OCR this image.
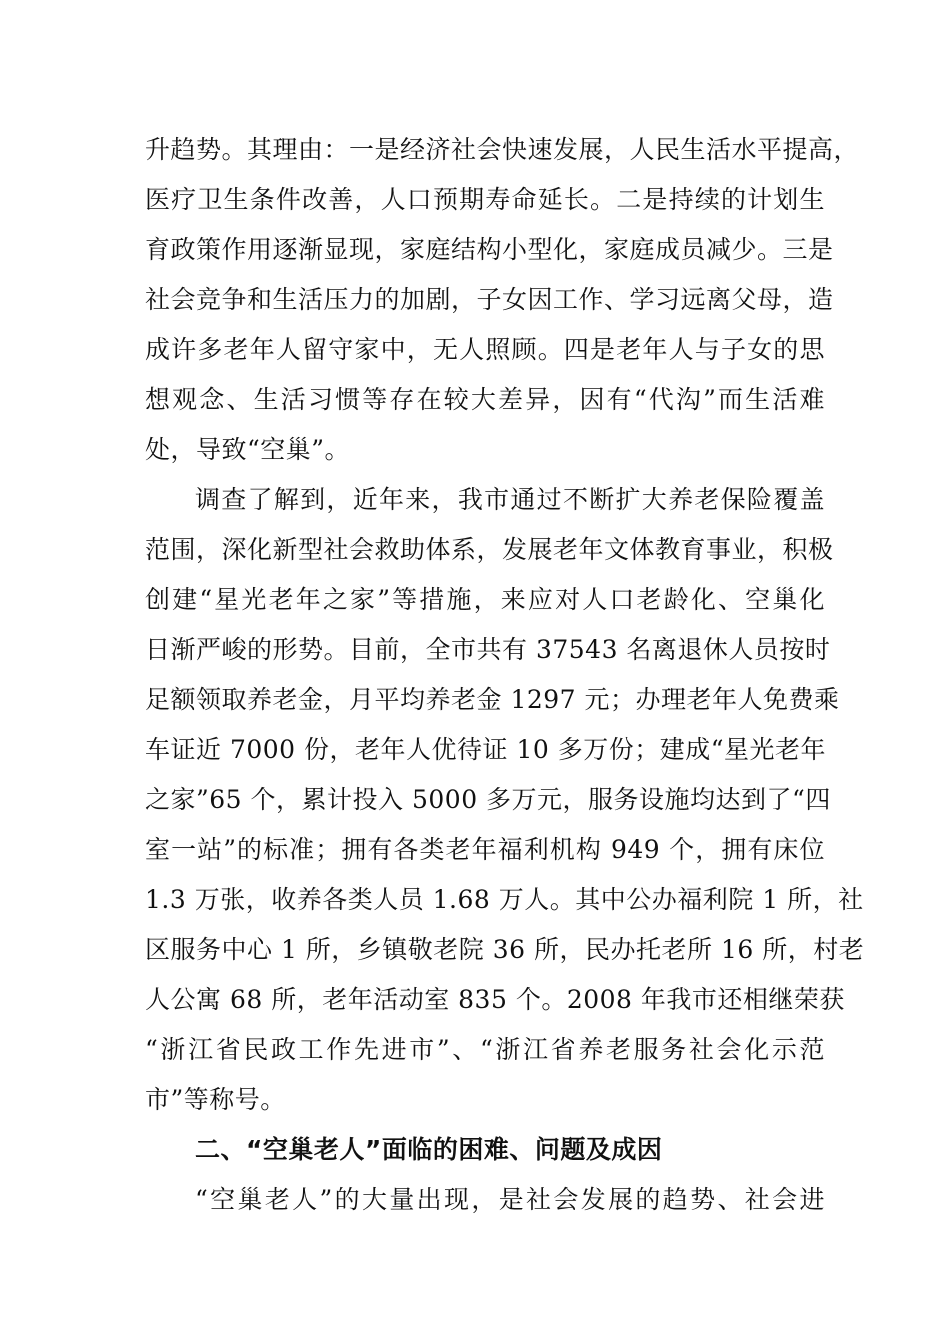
升趋势。其理由：一是经济社会快速发展，人民生活水平提高，
医疗卫生条件改善，人口预期寿命延长。二是持续的计划生
育政策作用逐渐显现，家庭结构小型化，家庭成员减少。三是
社会竞争和生活压力的加剧，子女因工作、学习远离父母，造
成许多老年人留守家中，无人照顾。四是老年人与子女的思
想观念、生活习惯等存在较大差异，因有“代沟”而生活难
处，导致“空巢”。
调查了解到，近年来，我市通过不断扩大养老保险覆盖
范围，深化新型社会救助体系，发展老年文体教育事业，积极
创建“星光老年之家”等措施，来应对人口老龄化、空巢化
日渐严峻的形势。目前，全市共有 37543 名离退休人员按时
足额领取养老金，月平均养老金 1297 元；办理老年人免费乘
车证近 7000 份，老年人优待证 10 多万份；建成“星光老年
之家”65 个，累计投入 5000 多万元，服务设施均达到了“四
室一站”的标准；拥有各类老年福利机构 949 个，拥有床位
1.3 万张，收养各类人员 1.68 万人。其中公办福利院 1 所，社
区服务中心 1 所，乡镇敬老院 36 所，民办托老所 16 所，村老
人公寓 68 所，老年活动室 835 个。2008 年我市还相继荣获
“浙江省民政工作先进市”、“浙江省养老服务社会化示范
市”等称号。
二、“空巢老人”面临的困难、问题及成因
“空巢老人”的大量出现，是社会发展的趋势、社会进
